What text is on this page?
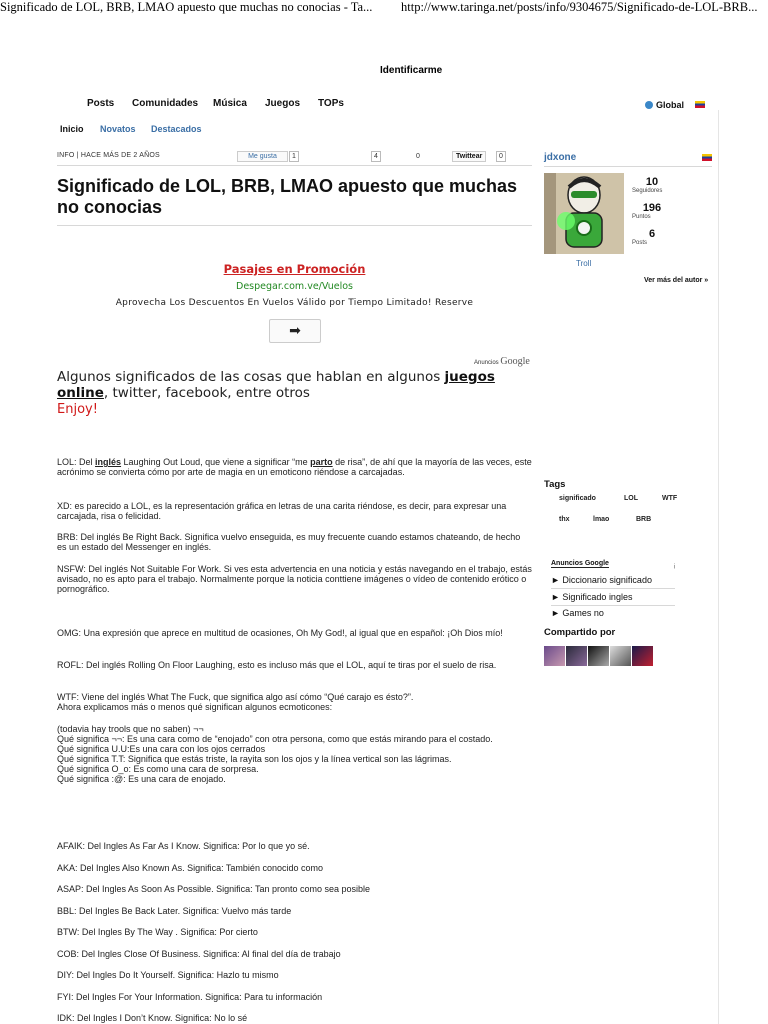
Significado de LOL, BRB, LMAO apuesto que muchas no conocias - Ta... http://www.taringa.net/posts/info/9304675/Significado-de-LOL-BRB...
Identificarme
Posts Comunidades Música Juegos TOPs	Global
Inicio Novatos Destacados
INFO | HACE MÁS DE 2 AÑOS	Me gusta	1	4	0	Twittear	0
Significado de LOL, BRB, LMAO apuesto que muchas no conocias
Pasajes en Promoción
Despegar.com.ve/Vuelos
Aprovecha Los Descuentos En Vuelos Válido por Tiempo Limitado! Reserve
➡
Anuncios Google
Algunos significados de las cosas que hablan en algunos juegos online, twitter, facebook, entre otros
Enjoy!
LOL: Del inglés Laughing Out Loud, que viene a significar “me parto de risa”, de ahí que la mayoría de las veces, este acrónimo se convierta cómo por arte de magia en un emoticono riéndose a carcajadas.
XD: es parecido a LOL, es la representación gráfica en letras de una carita riéndose, es decir, para expresar una carcajada, risa o felicidad.
BRB: Del inglés Be Right Back. Significa vuelvo enseguida, es muy frecuente cuando estamos chateando, de hecho es un estado del Messenger en inglés.
NSFW: Del inglés Not Suitable For Work. Si ves esta advertencia en una noticia y estás navegando en el trabajo, estás avisado, no es apto para el trabajo. Normalmente porque la noticia conttiene imágenes o vídeo de contenido erótico o pornográfico.
OMG: Una expresión que aprece en multitud de ocasiones, Oh My God!, al igual que en español: ¡Oh Dios mío!
ROFL: Del inglés Rolling On Floor Laughing, esto es incluso más que el LOL, aquí te tiras por el suelo de risa.
WTF: Viene del inglés What The Fuck, que significa algo así cómo “Qué carajo es ésto?”.
Ahora explicamos más o menos qué significan algunos ecmoticones:
(todavia hay trools que no saben) ¬¬
Qué significa ¬¬: Es una cara como de “enojado” con otra persona, como que estás mirando para el costado.
Qué significa U.U:Es una cara con los ojos cerrados
Qué significa T.T: Significa que estás triste, la rayita son los ojos y la línea vertical son las lágrimas.
Qué significa O_o: Es como una cara de sorpresa.
Qué significa :@: Es una cara de enojado.
AFAIK: Del Ingles As Far As I Know. Significa: Por lo que yo sé.
AKA: Del Ingles Also Known As. Significa: También conocido como
ASAP: Del Ingles As Soon As Possible. Significa: Tan pronto como sea posible
BBL: Del Ingles Be Back Later. Significa: Vuelvo más tarde
BTW: Del Ingles By The Way . Significa: Por cierto
COB: Del Ingles Close Of Business. Significa: Al final del día de trabajo
DIY: Del Ingles Do It Yourself. Significa: Hazlo tu mismo
FYI: Del Ingles For Your Information. Significa: Para tu información
IDK: Del Ingles I Don’t Know. Significa: No lo sé
jdxone
10
Seguidores
196
Puntos
6
Posts
Troll
Ver más del autor »
Tags
significado	LOL	WTF
thx	lmao	BRB
Anuncios Google	ᵢ
► Diccionario significado
► Significado ingles
► Games no
Compartido por
